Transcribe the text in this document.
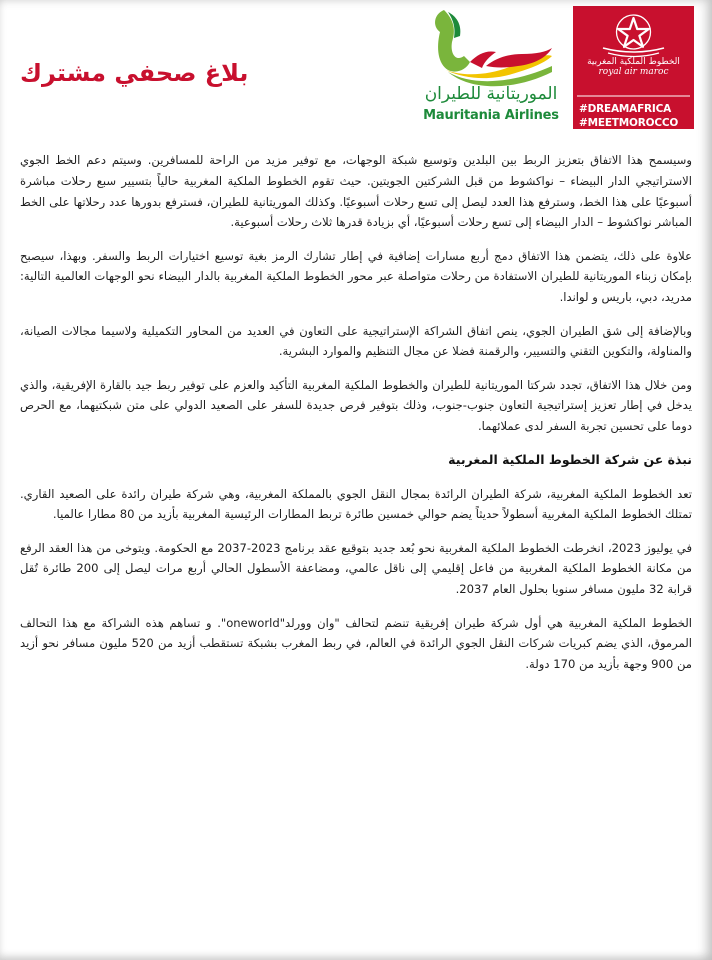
الخطوط الملكية المغربية
royal air maroc
#DREAMAFRICA
#MEETMOROCCO
الموريتانية للطيران
Mauritania Airlines
بلاغ صحفي مشترك

وسيسمح هذا الاتفاق بتعزيز الربط بين البلدين وتوسيع شبكة الوجهات، مع توفير مزيد من الراحة للمسافرين. وسيتم دعم الخط الجوي الاستراتيجي الدار البيضاء – نواكشوط من قبل الشركتين الجويتين. حيث تقوم الخطوط الملكية المغربية حالياً بتسيير سبع رحلات مباشرة أسبوعيًا على هذا الخط، وسترفع هذا العدد ليصل إلى تسع رحلات أسبوعيًا. وكذلك الموريتانية للطيران، فسترفع بدورها عدد رحلاتها على الخط المباشر نواكشوط – الدار البيضاء إلى تسع رحلات أسبوعيًا، أي بزيادة قدرها ثلاث رحلات أسبوعية.

علاوة على ذلك، يتضمن هذا الاتفاق دمج أربع مسارات إضافية في إطار تشارك الرمز بغية توسيع اختيارات الربط والسفر. وبهذا، سيصبح بإمكان زبناء الموريتانية للطيران الاستفادة من رحلات متواصلة عبر محور الخطوط الملكية المغربية بالدار البيضاء نحو الوجهات العالمية التالية: مدريد، دبي، باريس و لواندا.

وبالإضافة إلى شق الطيران الجوي، ينص اتفاق الشراكة الإستراتيجية على التعاون في العديد من المحاور التكميلية ولاسيما مجالات الصيانة، والمناولة، والتكوين التقني والتسيير، والرقمنة فضلا عن مجال التنظيم والموارد البشرية.

ومن خلال هذا الاتفاق، تجدد شركتا الموريتانية للطيران والخطوط الملكية المغربية التأكيد والعزم على توفير ربط جيد بالقارة الإفريقية، والذي يدخل في إطار تعزيز إستراتيجية التعاون جنوب-جنوب، وذلك بتوفير فرص جديدة للسفر على الصعيد الدولي على متن شبكتيهما، مع الحرص دوما على تحسين تجربة السفر لدى عملائهما.

نبذة عن شركة الخطوط الملكية المغربية

تعد الخطوط الملكية المغربية، شركة الطيران الرائدة بمجال النقل الجوي بالمملكة المغربية، وهي شركة طيران رائدة على الصعيد القاري. تمتلك الخطوط الملكية المغربية أسطولاً حديثاً يضم حوالي خمسين طائرة تربط المطارات الرئيسية المغربية بأزيد من 80 مطارا عالميا.

في يوليوز 2023، انخرطت الخطوط الملكية المغربية نحو بُعد جديد بتوقيع عقد برنامج 2023-2037 مع الحكومة. ويتوخى من هذا العقد الرفع من مكانة الخطوط الملكية المغربية من فاعل إقليمي إلى ناقل عالمي، ومضاعفة الأسطول الحالي أربع مرات ليصل إلى 200 طائرة تُقل قرابة 32 مليون مسافر سنويا بحلول العام 2037.

الخطوط الملكية المغربية هي أول شركة طيران إفريقية تنضم لتحالف "وان وورلد"oneworld". و تساهم هذه الشراكة مع هذا التحالف المرموق، الذي يضم كبريات شركات النقل الجوي الرائدة في العالم، في ربط المغرب بشبكة تستقطب أزيد من 520 مليون مسافر نحو أزيد من 900 وجهة بأزيد من 170 دولة.
